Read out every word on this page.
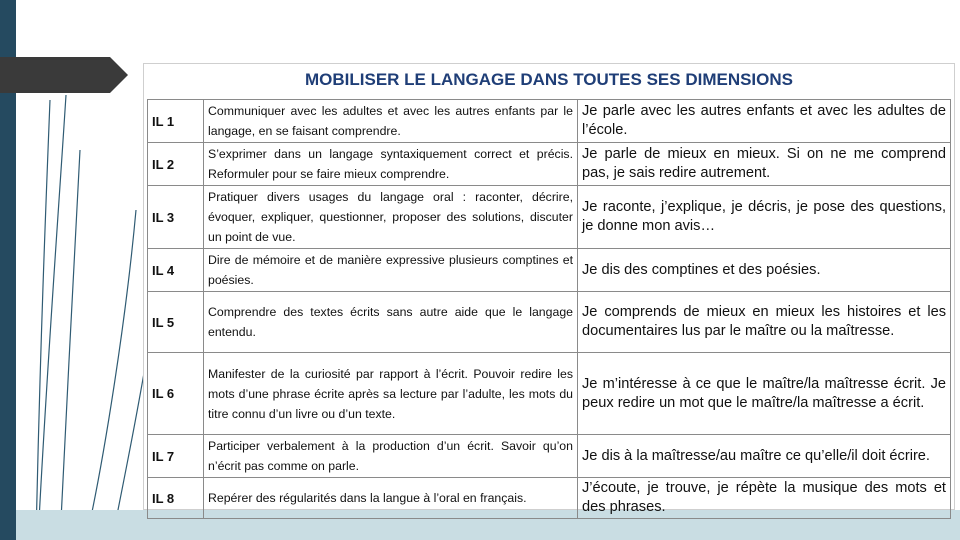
MOBILISER LE LANGAGE DANS TOUTES SES DIMENSIONS
IL 1	Communiquer avec les adultes et avec les autres enfants par le langage, en se faisant comprendre.	Je parle avec les autres enfants et avec les adultes de l’école.
IL 2	S’exprimer dans un langage syntaxiquement correct et précis. Reformuler pour se faire mieux comprendre.	Je parle de mieux en mieux. Si on ne me comprend pas, je sais redire autrement.
IL 3	Pratiquer divers usages du langage oral : raconter, décrire, évoquer, expliquer, questionner, proposer des solutions, discuter un point de vue.	Je raconte, j’explique, je décris, je pose des questions, je donne mon avis…
IL 4	Dire de mémoire et de manière expressive plusieurs comptines et poésies.	Je dis des comptines et des poésies.
IL 5	Comprendre des textes écrits sans autre aide que le langage entendu.	Je comprends de mieux en mieux les histoires et les documentaires lus par le maître ou la maîtresse.
IL 6	Manifester de la curiosité par rapport à l’écrit. Pouvoir redire les mots d’une phrase écrite après sa lecture par l’adulte, les mots du titre connu d’un livre ou d’un texte.	Je m’intéresse à ce que le maître/la maîtresse écrit. Je peux redire un mot que le maître/la maîtresse a écrit.
IL 7	Participer verbalement à la production d’un écrit. Savoir qu’on n’écrit pas comme on parle.	Je dis à la maîtresse/au maître ce qu’elle/il doit écrire.
IL 8	Repérer des régularités dans la langue à l’oral en français.	J’écoute, je trouve, je répète la musique des mots et des phrases.
